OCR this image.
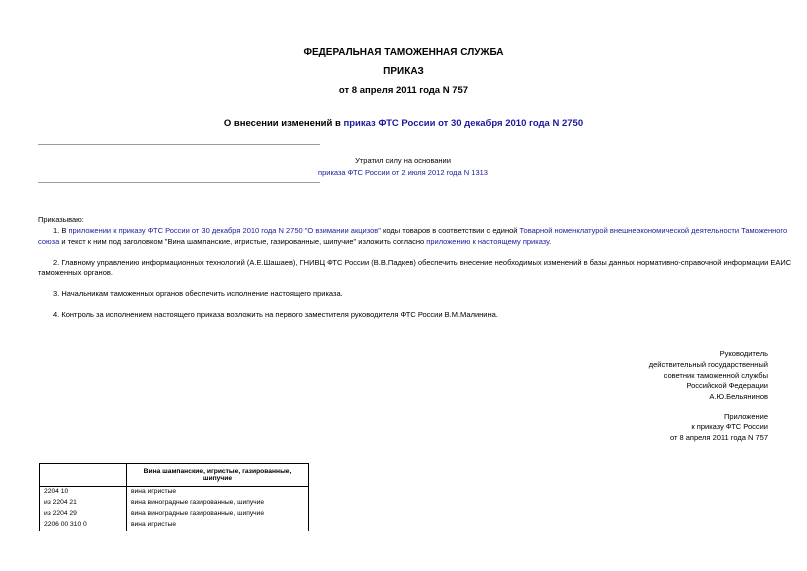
ФЕДЕРАЛЬНАЯ ТАМОЖЕННАЯ СЛУЖБА
ПРИКАЗ
от 8 апреля 2011 года N 757
О внесении изменений в приказ ФТС России от 30 декабря 2010 года N 2750
Утратил силу на основании
приказа ФТС России от 2 июля 2012 года N 1313
Приказываю:
1. В приложении к приказу ФТС России от 30 декабря 2010 года N 2750 "О взимании акцизов" коды товаров в соответствии с единой Товарной номенклатурой внешнеэкономической деятельности Таможенного
союза и текст к ним под заголовком "Вина шампанские, игристые, газированные, шипучие" изложить согласно приложению к настоящему приказу.
2. Главному управлению информационных технологий (А.Е.Шашаев), ГНИВЦ ФТС России (В.В.Падкев) обеспечить внесение необходимых изменений в базы данных нормативно-справочной информации ЕАИС
таможенных органов.
3. Начальникам таможенных органов обеспечить исполнение настоящего приказа.
4. Контроль за исполнением настоящего приказа возложить на первого заместителя руководителя ФТС России В.М.Малинина.
Руководитель
действительный государственный
советник таможенной службы
Российской Федерации
А.Ю.Бельянинов
Приложение
к приказу ФТС России
от 8 апреля 2011 года N 757
	Вина шампанские, игристые, газированные, шипучие
2204 10	вина игристые
из 2204 21	вина виноградные газированные, шипучие
из 2204 29	вина виноградные газированные, шипучие
2206 00 310 0	вина игристые
